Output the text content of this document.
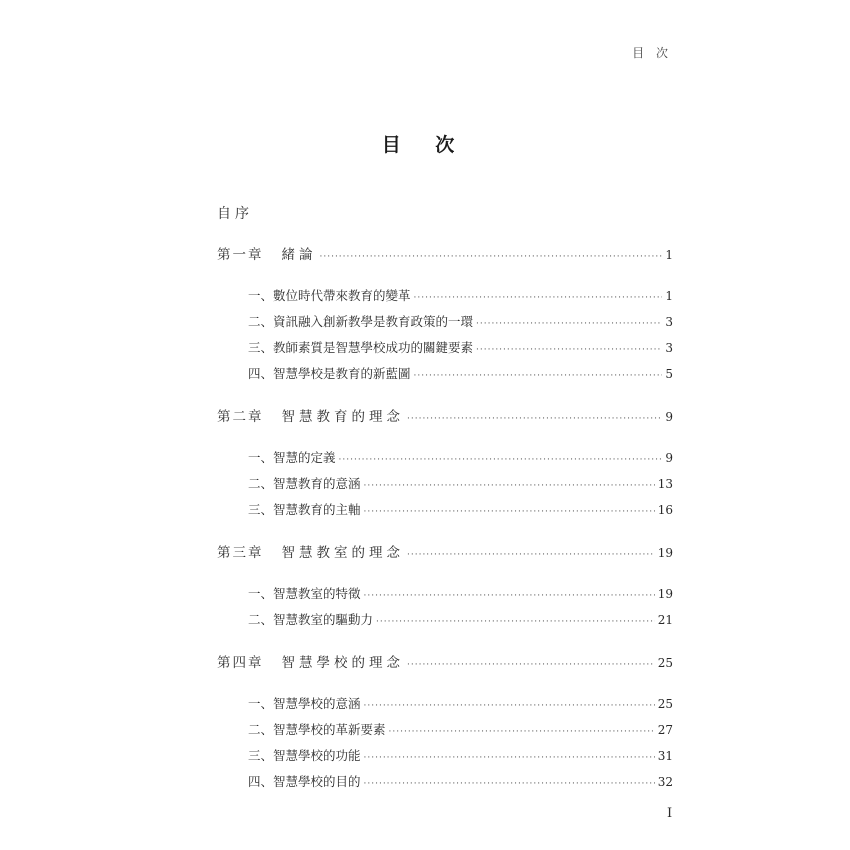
目 次
目 次
自序
第一章 緒論 ·····	1
一、數位時代帶來教育的變革 ·····	1
二、資訊融入創新教學是教育政策的一環 ·····	3
三、教師素質是智慧學校成功的關鍵要素 ·····	3
四、智慧學校是教育的新藍圖 ·····	5
第二章 智慧教育的理念 ·····	9
一、智慧的定義 ·····	9
二、智慧教育的意涵 ·····	13
三、智慧教育的主軸 ·····	16
第三章 智慧教室的理念 ·····	19
一、智慧教室的特徵 ·····	19
二、智慧教室的驅動力 ·····	21
第四章 智慧學校的理念 ·····	25
一、智慧學校的意涵 ·····	25
二、智慧學校的革新要素 ·····	27
三、智慧學校的功能 ·····	31
四、智慧學校的目的 ·····	32
I
